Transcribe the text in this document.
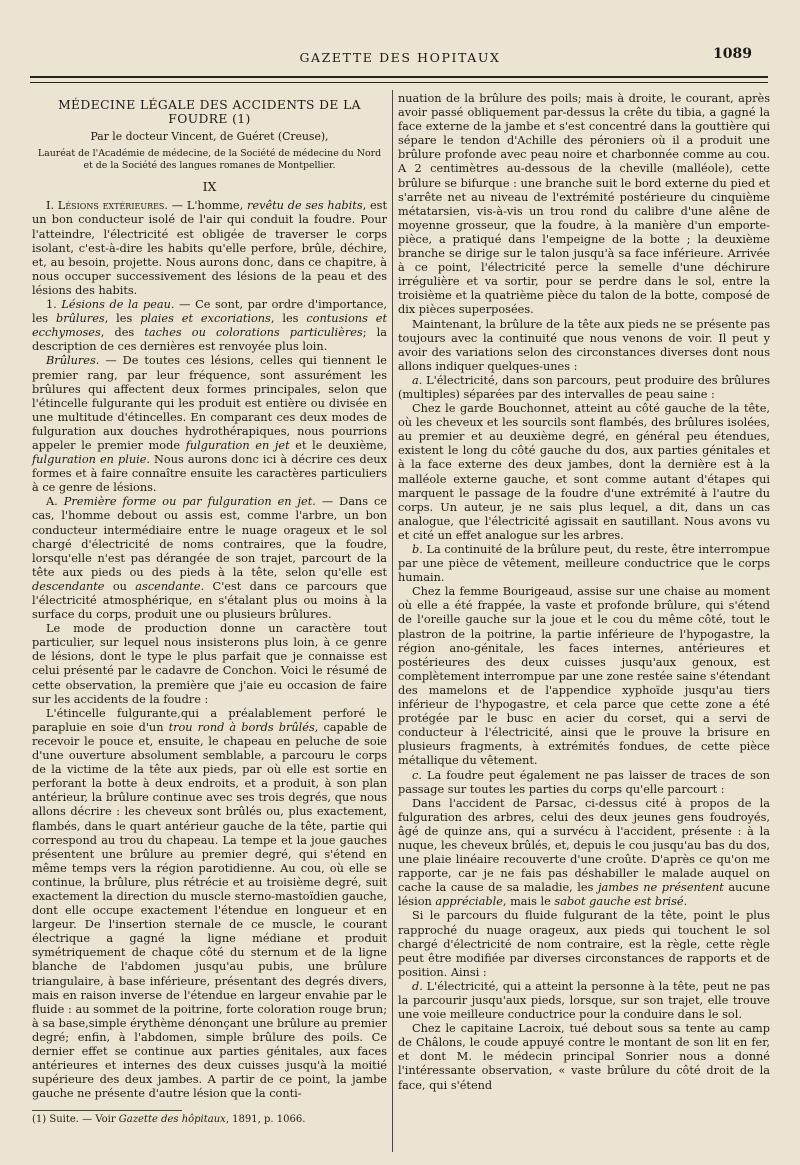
GAZETTE DES HOPITAUX	1089

MÉDECINE LÉGALE DES ACCIDENTS DE LA FOUDRE (1)

Par le docteur Vincent, de Guéret (Creuse),

Lauréat de l'Académie de médecine, de la Société de médecine du Nord
et de la Société des langues romanes de Montpellier.

IX

I. Lésions extérieures. — L'homme, revêtu de ses habits, est un bon conducteur isolé de l'air qui conduit la foudre. Pour l'atteindre, l'électricité est obligée de traverser le corps isolant, c'est-à-dire les habits qu'elle perfore, brûle, déchire, et, au besoin, projette. Nous aurons donc, dans ce chapitre, à nous occuper successivement des lésions de la peau et des lésions des habits.

1. Lésions de la peau. — Ce sont, par ordre d'importance, les brûlures, les plaies et excoriations, les contusions et ecchymoses, des taches ou colorations particulières; la description de ces dernières est renvoyée plus loin.

Brûlures. — De toutes ces lésions, celles qui tiennent le premier rang, par leur fréquence, sont assurément les brûlures qui affectent deux formes principales, selon que l'étincelle fulgurante qui les produit est entière ou divisée en une multitude d'étincelles. En comparant ces deux modes de fulguration aux douches hydrothérapiques, nous pourrions appeler le premier mode fulguration en jet et le deuxième, fulguration en pluie. Nous aurons donc ici à décrire ces deux formes et à faire connaître ensuite les caractères particuliers à ce genre de lésions.

A. Première forme ou par fulguration en jet. — Dans ce cas, l'homme debout ou assis est, comme l'arbre, un bon conducteur intermédiaire entre le nuage orageux et le sol chargé d'électricité de noms contraires, que la foudre, lorsqu'elle n'est pas dérangée de son trajet, parcourt de la tête aux pieds ou des pieds à la tête, selon qu'elle est descendante ou ascendante. C'est dans ce parcours que l'électricité atmosphérique, en s'étalant plus ou moins à la surface du corps, produit une ou plusieurs brûlures.

Le mode de production donne un caractère tout particulier, sur lequel nous insisterons plus loin, à ce genre de lésions, dont le type le plus parfait que je connaisse est celui présenté par le cadavre de Conchon. Voici le résumé de cette observation, la première que j'aie eu occasion de faire sur les accidents de la foudre :

L'étincelle fulgurante,qui a préalablement perforé le parapluie en soie d'un trou rond à bords brûlés, capable de recevoir le pouce et, ensuite, le chapeau en peluche de soie d'une ouverture absolument semblable, a parcouru le corps de la victime de la tête aux pieds, par où elle est sortie en perforant la botte à deux endroits, et a produit, à son plan antérieur, la brûlure continue avec ses trois degrés, que nous allons décrire : les cheveux sont brûlés ou, plus exactement, flambés, dans le quart antérieur gauche de la tête, partie qui correspond au trou du chapeau. La tempe et la joue gauches présentent une brûlure au premier degré, qui s'étend en même temps vers la région parotidienne. Au cou, où elle se continue, la brûlure, plus rétrécie et au troisième degré, suit exactement la direction du muscle sterno-mastoïdien gauche, dont elle occupe exactement l'étendue en longueur et en largeur. De l'insertion sternale de ce muscle, le courant électrique a gagné la ligne médiane et produit symétriquement de chaque côté du sternum et de la ligne blanche de l'abdomen jusqu'au pubis, une brûlure triangulaire, à base inférieure, présentant des degrés divers, mais en raison inverse de l'étendue en largeur envahie par le fluide : au sommet de la poitrine, forte coloration rouge brun; à sa base,simple érythème dénonçant une brûlure au premier degré; enfin, à l'abdomen, simple brûlure des poils. Ce dernier effet se continue aux parties génitales, aux faces antérieures et internes des deux cuisses jusqu'à la moitié supérieure des deux jambes. A partir de ce point, la jambe gauche ne présente d'autre lésion que la conti-

nuation de la brûlure des poils; mais à droite, le courant, après avoir passé obliquement par-dessus la crête du tibia, a gagné la face externe de la jambe et s'est concentré dans la gouttière qui sépare le tendon d'Achille des péroniers où il a produit une brûlure profonde avec peau noire et charbonnée comme au cou. A 2 centimètres au-dessous de la cheville (malléole), cette brûlure se bifurque : une branche suit le bord externe du pied et s'arrête net au niveau de l'extrémité postérieure du cinquième métatarsien, vis-à-vis un trou rond du calibre d'une alêne de moyenne grosseur, que la foudre, à la manière d'un emporte-pièce, a pratiqué dans l'empeigne de la botte ; la deuxième branche se dirige sur le talon jusqu'à sa face inférieure. Arrivée à ce point, l'électricité perce la semelle d'une déchirure irrégulière et va sortir, pour se perdre dans le sol, entre la troisième et la quatrième pièce du talon de la botte, composé de dix pièces superposées.

Maintenant, la brûlure de la tête aux pieds ne se présente pas toujours avec la continuité que nous venons de voir. Il peut y avoir des variations selon des circonstances diverses dont nous allons indiquer quelques-unes :

a. L'électricité, dans son parcours, peut produire des brûlures (multiples) séparées par des intervalles de peau saine :

Chez le garde Bouchonnet, atteint au côté gauche de la tête, où les cheveux et les sourcils sont flambés, des brûlures isolées, au premier et au deuxième degré, en général peu étendues, existent le long du côté gauche du dos, aux parties génitales et à la face externe des deux jambes, dont la dernière est à la malléole externe gauche, et sont comme autant d'étapes qui marquent le passage de la foudre d'une extrémité à l'autre du corps. Un auteur, je ne sais plus lequel, a dit, dans un cas analogue, que l'électricité agissait en sautillant. Nous avons vu et cité un effet analogue sur les arbres.

b. La continuité de la brûlure peut, du reste, être interrompue par une pièce de vêtement, meilleure conductrice que le corps humain.

Chez la femme Bourigeaud, assise sur une chaise au moment où elle a été frappée, la vaste et profonde brûlure, qui s'étend de l'oreille gauche sur la joue et le cou du même côté, tout le plastron de la poitrine, la partie inférieure de l'hypogastre, la région ano-génitale, les faces internes, antérieures et postérieures des deux cuisses jusqu'aux genoux, est complètement interrompue par une zone restée saine s'étendant des mamelons et de l'appendice xyphoïde jusqu'au tiers inférieur de l'hypogastre, et cela parce que cette zone a été protégée par le busc en acier du corset, qui a servi de conducteur à l'électricité, ainsi que le prouve la brisure en plusieurs fragments, à extrémités fondues, de cette pièce métallique du vêtement.

c. La foudre peut également ne pas laisser de traces de son passage sur toutes les parties du corps qu'elle parcourt :

Dans l'accident de Parsac, ci-dessus cité à propos de la fulguration des arbres, celui des deux jeunes gens foudroyés, âgé de quinze ans, qui a survécu à l'accident, présente : à la nuque, les cheveux brûlés, et, depuis le cou jusqu'au bas du dos, une plaie linéaire recouverte d'une croûte. D'après ce qu'on me rapporte, car je ne fais pas déshabiller le malade auquel on cache la cause de sa maladie, les jambes ne présentent aucune lésion appréciable, mais le sabot gauche est brisé.

Si le parcours du fluide fulgurant de la tête, point le plus rapproché du nuage orageux, aux pieds qui touchent le sol chargé d'électricité de nom contraire, est la règle, cette règle peut être modifiée par diverses circonstances de rapports et de position. Ainsi :

d. L'électricité, qui a atteint la personne à la tête, peut ne pas la parcourir jusqu'aux pieds, lorsque, sur son trajet, elle trouve une voie meilleure conductrice pour la conduire dans le sol.

Chez le capitaine Lacroix, tué debout sous sa tente au camp de Châlons, le coude appuyé contre le montant de son lit en fer, et dont M. le médecin principal Sonrier nous a donné l'intéressante observation, « vaste brûlure du côté droit de la face, qui s'étend

(1) Suite. — Voir Gazette des hôpitaux, 1891, p. 1066.
